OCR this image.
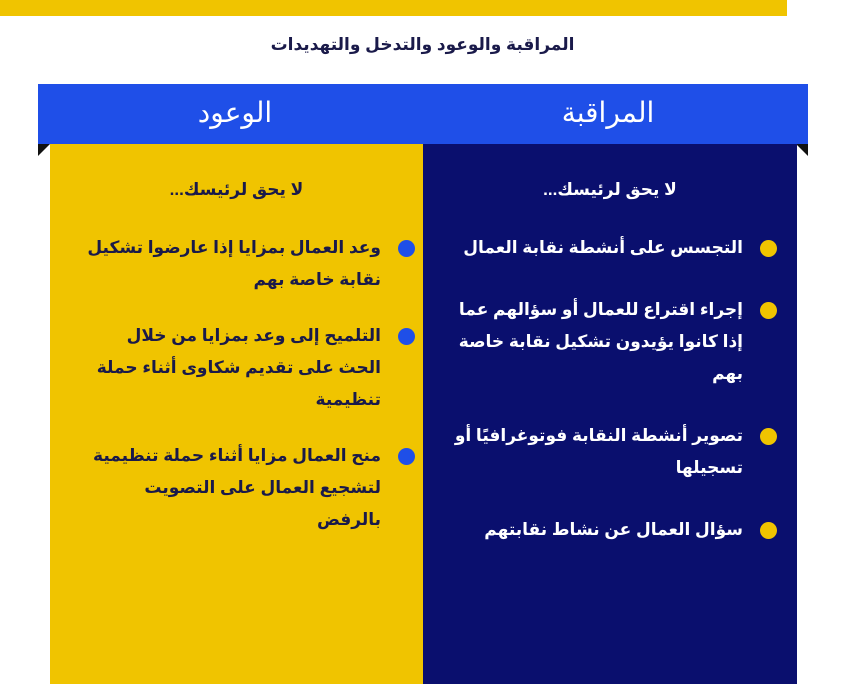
المراقبة والوعود والتدخل والتهديدات
المراقبة
الوعود
لا يحق لرئيسك...
التجسس على أنشطة نقابة العمال
إجراء اقتراع للعمال أو سؤالهم عما إذا كانوا يؤيدون تشكيل نقابة خاصة بهم
تصوير أنشطة النقابة فوتوغرافيًا أو تسجيلها
سؤال العمال عن نشاط نقابتهم
لا يحق لرئيسك...
وعد العمال بمزايا إذا عارضوا تشكيل نقابة خاصة بهم
التلميح إلى وعد بمزايا من خلال الحث على تقديم شكاوى أثناء حملة تنظيمية
منح العمال مزايا أثناء حملة تنظيمية لتشجيع العمال على التصويت بالرفض
